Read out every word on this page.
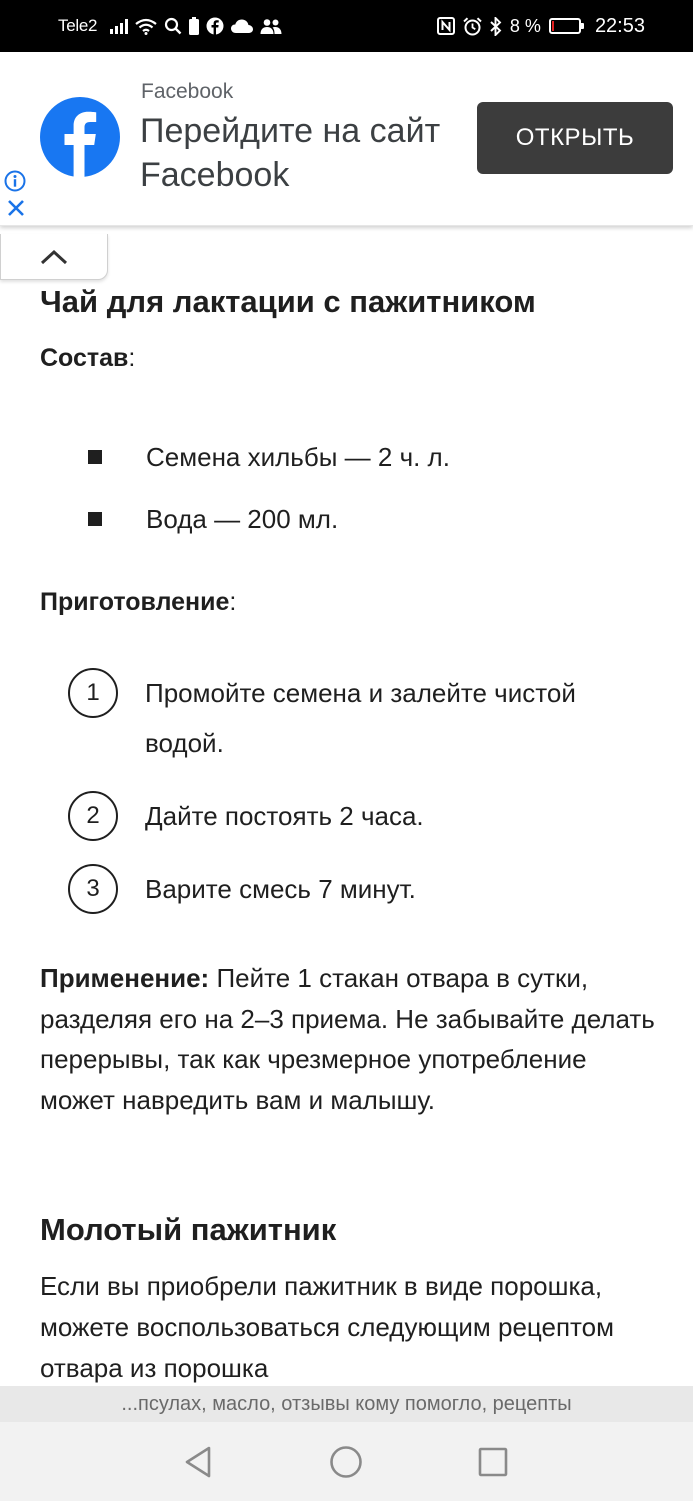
Tele2	8 %	22:53
Facebook
Перейдите на сайт Facebook
ОТКРЫТЬ
Чай для лактации с пажитником
Состав:
Семена хильбы — 2 ч. л.
Вода — 200 мл.
Приготовление:
1	Промойте семена и залейте чистой водой.
2	Дайте постоять 2 часа.
3	Варите смесь 7 минут.

Применение: Пейте 1 стакан отвара в сутки, разделяя его на 2–3 приема. Не забывайте делать перерывы, так как чрезмерное употребление может навредить вам и малышу.

Молотый пажитник

Если вы приобрели пажитник в виде порошка, можете воспользоваться следующим рецептом отвара из порошка

...псулах, масло, отзывы кому помогло, рецепты
